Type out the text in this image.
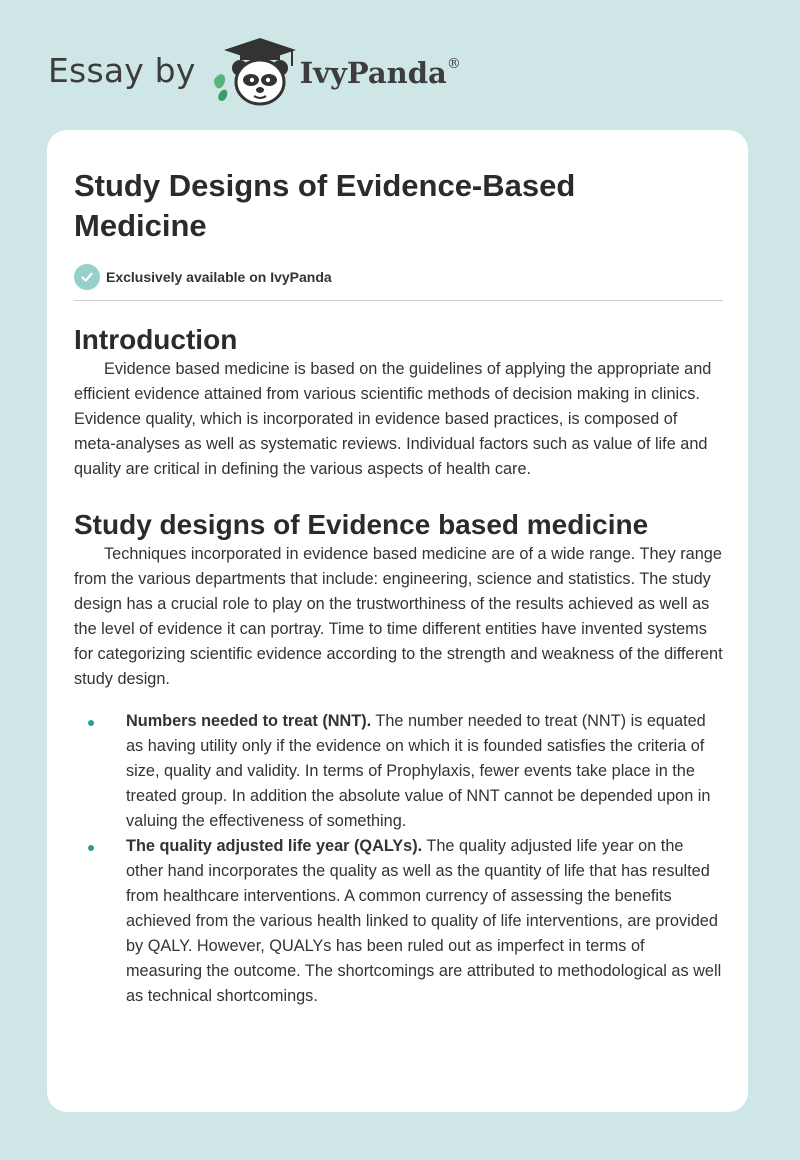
Essay by	IvyPanda®
Study Designs of Evidence-Based Medicine
Exclusively available on IvyPanda
Introduction

Evidence based medicine is based on the guidelines of applying the appropriate and efficient evidence attained from various scientific methods of decision making in clinics. Evidence quality, which is incorporated in evidence based practices, is composed of meta-analyses as well as systematic reviews. Individual factors such as value of life and quality are critical in defining the various aspects of health care.

Study designs of Evidence based medicine

Techniques incorporated in evidence based medicine are of a wide range. They range from the various departments that include: engineering, science and statistics. The study design has a crucial role to play on the trustworthiness of the results achieved as well as the level of evidence it can portray. Time to time different entities have invented systems for categorizing scientific evidence according to the strength and weakness of the different study design.

Numbers needed to treat (NNT). The number needed to treat (NNT) is equated as having utility only if the evidence on which it is founded satisfies the criteria of size, quality and validity. In terms of Prophylaxis, fewer events take place in the treated group. In addition the absolute value of NNT cannot be depended upon in valuing the effectiveness of something.
The quality adjusted life year (QALYs). The quality adjusted life year on the other hand incorporates the quality as well as the quantity of life that has resulted from healthcare interventions. A common currency of assessing the benefits achieved from the various health linked to quality of life interventions, are provided by QALY. However, QUALYs has been ruled out as imperfect in terms of measuring the outcome. The shortcomings are attributed to methodological as well as technical shortcomings.
